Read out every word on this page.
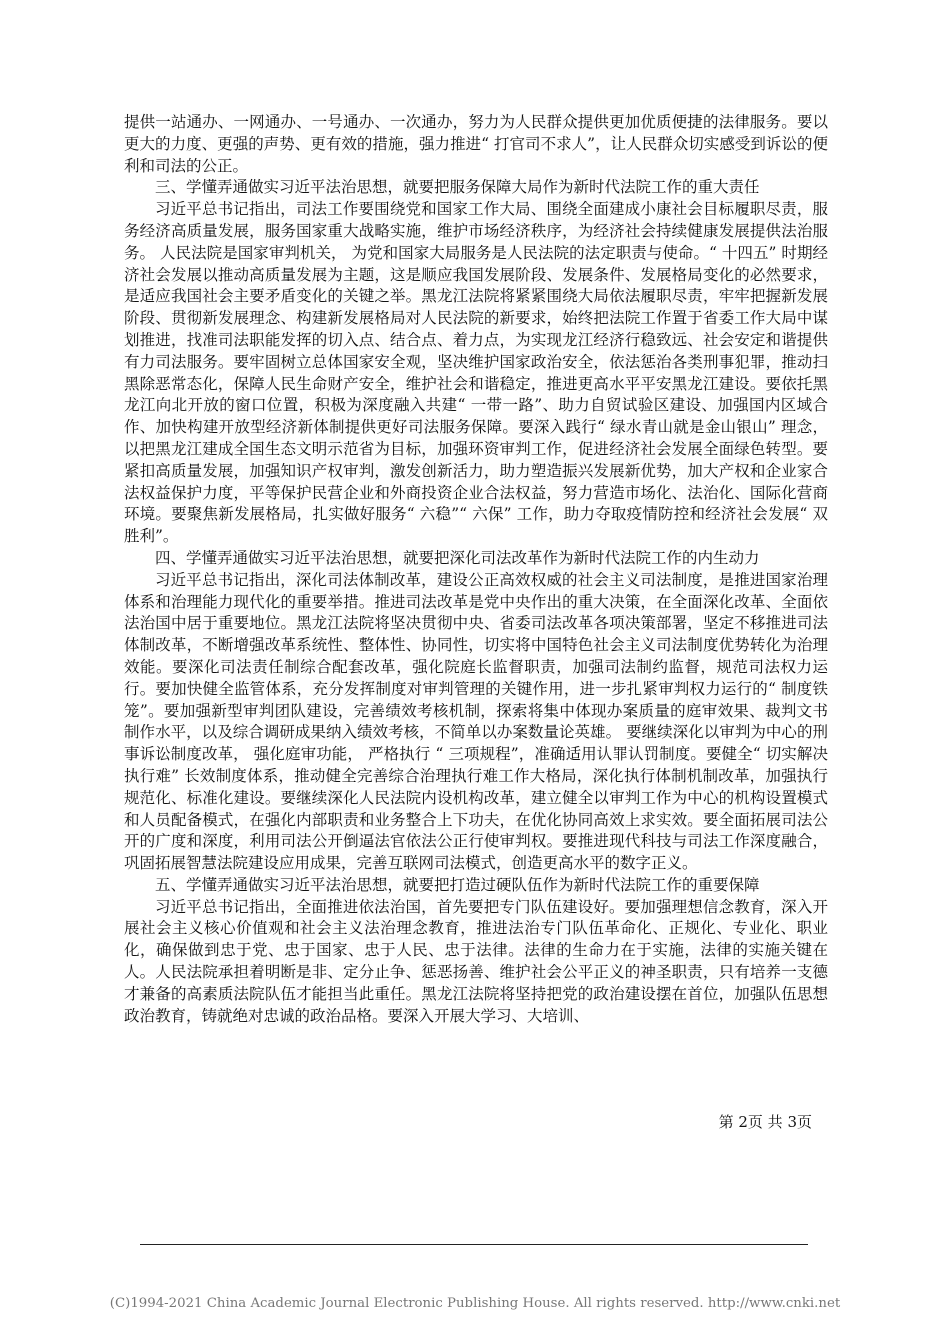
提供一站通办、一网通办、一号通办、一次通办，努力为人民群众提供更加优质便捷的法律服务。要以更大的力度、更强的声势、更有效的措施，强力推进“ 打官司不求人”，让人民群众切实感受到诉讼的便利和司法的公正。

三、学懂弄通做实习近平法治思想，就要把服务保障大局作为新时代法院工作的重大责任

习近平总书记指出，司法工作要围绕党和国家工作大局、围绕全面建成小康社会目标履职尽责，服务经济高质量发展，服务国家重大战略实施，维护市场经济秩序，为经济社会持续健康发展提供法治服务。 人民法院是国家审判机关， 为党和国家大局服务是人民法院的法定职责与使命。“ 十四五” 时期经济社会发展以推动高质量发展为主题，这是顺应我国发展阶段、发展条件、发展格局变化的必然要求，是适应我国社会主要矛盾变化的关键之举。黑龙江法院将紧紧围绕大局依法履职尽责，牢牢把握新发展阶段、贯彻新发展理念、构建新发展格局对人民法院的新要求，始终把法院工作置于省委工作大局中谋划推进，找准司法职能发挥的切入点、结合点、着力点，为实现龙江经济行稳致远、社会安定和谐提供有力司法服务。要牢固树立总体国家安全观，坚决维护国家政治安全，依法惩治各类刑事犯罪，推动扫黑除恶常态化，保障人民生命财产安全，维护社会和谐稳定，推进更高水平平安黑龙江建设。要依托黑龙江向北开放的窗口位置，积极为深度融入共建“ 一带一路”、助力自贸试验区建设、加强国内区域合作、加快构建开放型经济新体制提供更好司法服务保障。要深入践行“ 绿水青山就是金山银山” 理念，以把黑龙江建成全国生态文明示范省为目标，加强环资审判工作，促进经济社会发展全面绿色转型。要紧扣高质量发展，加强知识产权审判，激发创新活力，助力塑造振兴发展新优势，加大产权和企业家合法权益保护力度，平等保护民营企业和外商投资企业合法权益，努力营造市场化、法治化、国际化营商环境。要聚焦新发展格局，扎实做好服务“ 六稳”“ 六保” 工作，助力夺取疫情防控和经济社会发展“ 双胜利”。

四、学懂弄通做实习近平法治思想，就要把深化司法改革作为新时代法院工作的内生动力

习近平总书记指出，深化司法体制改革，建设公正高效权威的社会主义司法制度，是推进国家治理体系和治理能力现代化的重要举措。推进司法改革是党中央作出的重大决策，在全面深化改革、全面依法治国中居于重要地位。黑龙江法院将坚决贯彻中央、省委司法改革各项决策部署，坚定不移推进司法体制改革，不断增强改革系统性、整体性、协同性，切实将中国特色社会主义司法制度优势转化为治理效能。要深化司法责任制综合配套改革，强化院庭长监督职责，加强司法制约监督，规范司法权力运行。要加快健全监管体系，充分发挥制度对审判管理的关键作用，进一步扎紧审判权力运行的“ 制度铁笼”。要加强新型审判团队建设，完善绩效考核机制，探索将集中体现办案质量的庭审效果、裁判文书制作水平，以及综合调研成果纳入绩效考核，不简单以办案数量论英雄。 要继续深化以审判为中心的刑事诉讼制度改革， 强化庭审功能， 严格执行 “ 三项规程”，准确适用认罪认罚制度。要健全“ 切实解决执行难” 长效制度体系，推动健全完善综合治理执行难工作大格局，深化执行体制机制改革，加强执行规范化、标准化建设。要继续深化人民法院内设机构改革，建立健全以审判工作为中心的机构设置模式和人员配备模式，在强化内部职责和业务整合上下功夫，在优化协同高效上求实效。要全面拓展司法公开的广度和深度，利用司法公开倒逼法官依法公正行使审判权。要推进现代科技与司法工作深度融合，巩固拓展智慧法院建设应用成果，完善互联网司法模式，创造更高水平的数字正义。

五、学懂弄通做实习近平法治思想，就要把打造过硬队伍作为新时代法院工作的重要保障

习近平总书记指出，全面推进依法治国，首先要把专门队伍建设好。要加强理想信念教育，深入开展社会主义核心价值观和社会主义法治理念教育，推进法治专门队伍革命化、正规化、专业化、职业化，确保做到忠于党、忠于国家、忠于人民、忠于法律。法律的生命力在于实施，法律的实施关键在人。人民法院承担着明断是非、定分止争、惩恶扬善、维护社会公平正义的神圣职责，只有培养一支德才兼备的高素质法院队伍才能担当此重任。黑龙江法院将坚持把党的政治建设摆在首位，加强队伍思想政治教育，铸就绝对忠诚的政治品格。要深入开展大学习、大培训、

第 2页 共 3页
(C)1994-2021 China Academic Journal Electronic Publishing House. All rights reserved. http://www.cnki.net
